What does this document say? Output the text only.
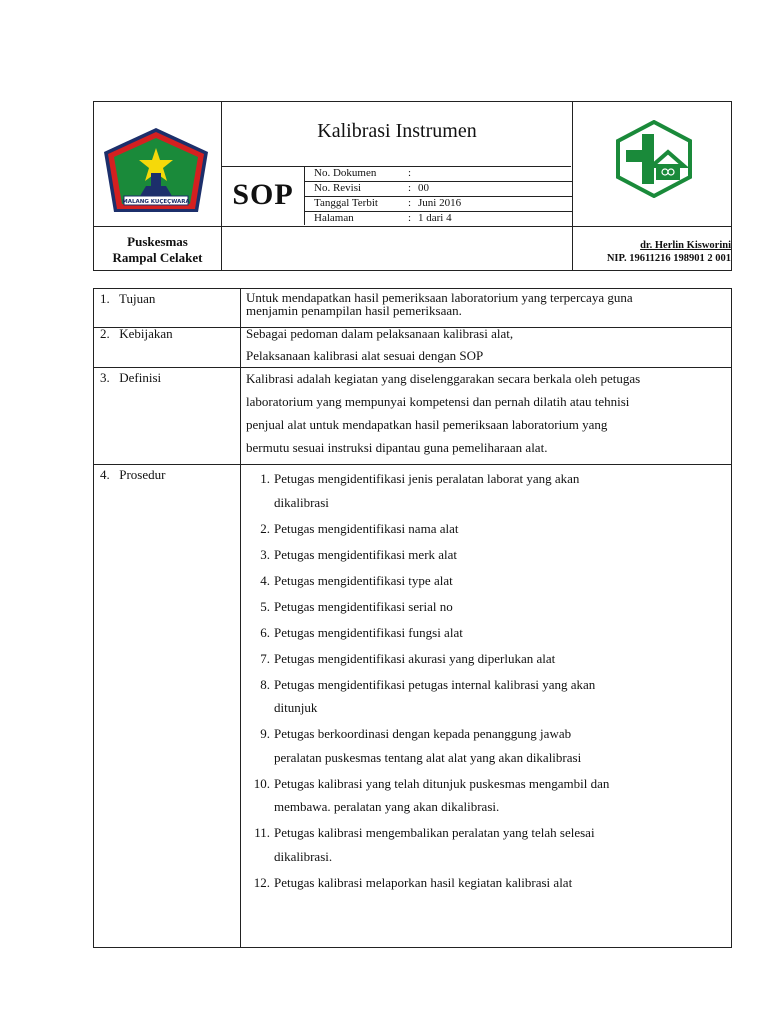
MALANG KUÇEÇWARA
Kalibrasi Instrumen
SOP
No. Dokumen	:
No. Revisi	: 00
Tanggal Terbit	: Juni 2016
Halaman	: 1 dari 4
Puskesmas
Rampal Celaket
dr. Herlin Kisworini
NIP. 19611216 198901 2 001
1. Tujuan	Untuk mendapatkan hasil pemeriksaan laboratorium yang terpercaya guna
menjamin penampilan hasil pemeriksaan.
2. Kebijakan	Sebagai pedoman dalam pelaksanaan kalibrasi alat,
Pelaksanaan kalibrasi alat sesuai dengan SOP
3. Definisi	Kalibrasi adalah kegiatan yang diselenggarakan secara berkala oleh petugas
laboratorium yang mempunyai kompetensi dan pernah dilatih atau tehnisi
penjual alat untuk mendapatkan hasil pemeriksaan laboratorium yang
bermutu sesuai instruksi dipantau guna pemeliharaan alat.
4. Prosedur	1. Petugas mengidentifikasi jenis peralatan laborat yang akan
dikalibrasi
2. Petugas mengidentifikasi nama alat
3. Petugas mengidentifikasi merk alat
4. Petugas mengidentifikasi type alat
5. Petugas mengidentifikasi serial no
6. Petugas mengidentifikasi fungsi alat
7. Petugas mengidentifikasi akurasi yang diperlukan alat
8. Petugas mengidentifikasi petugas internal kalibrasi yang akan
ditunjuk
9. Petugas berkoordinasi dengan kepada penanggung jawab
peralatan puskesmas tentang alat alat yang akan dikalibrasi
10. Petugas kalibrasi yang telah ditunjuk puskesmas mengambil dan
membawa. peralatan yang akan dikalibrasi.
11. Petugas kalibrasi mengembalikan peralatan yang telah selesai
dikalibrasi.
12. Petugas kalibrasi melaporkan hasil kegiatan kalibrasi alat
